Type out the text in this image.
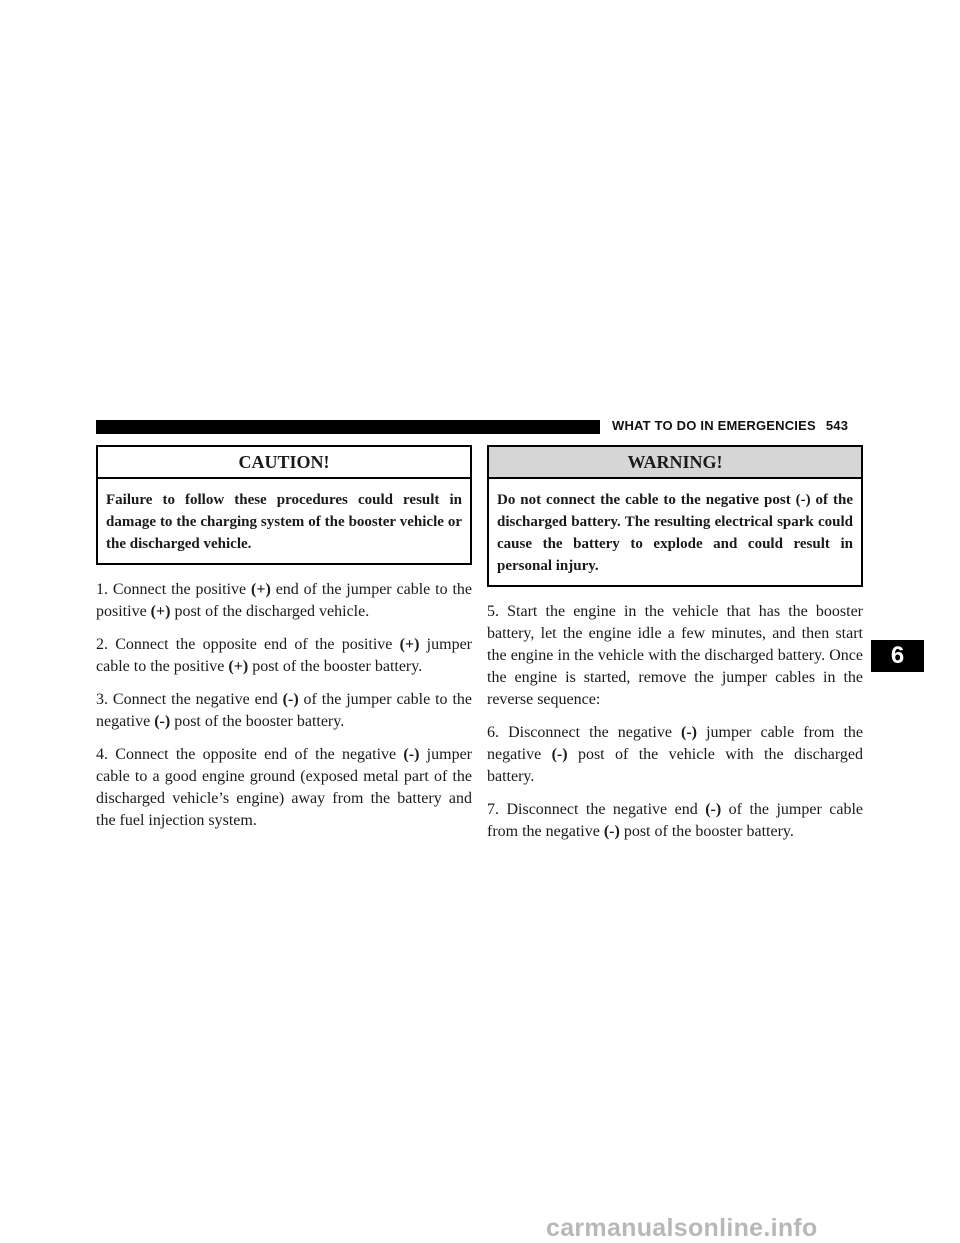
WHAT TO DO IN EMERGENCIES 543
CAUTION!
Failure to follow these procedures could result in damage to the charging system of the booster vehicle or the discharged vehicle.

1. Connect the positive (+) end of the jumper cable to the positive (+) post of the discharged vehicle.

2. Connect the opposite end of the positive (+) jumper cable to the positive (+) post of the booster battery.

3. Connect the negative end (-) of the jumper cable to the negative (-) post of the booster battery.

4. Connect the opposite end of the negative (-) jumper cable to a good engine ground (exposed metal part of the discharged vehicle’s engine) away from the battery and the fuel injection system.

WARNING!
Do not connect the cable to the negative post (-) of the discharged battery. The resulting electrical spark could cause the battery to explode and could result in personal injury.

5. Start the engine in the vehicle that has the booster battery, let the engine idle a few minutes, and then start the engine in the vehicle with the discharged battery. Once the engine is started, remove the jumper cables in the reverse sequence:

6. Disconnect the negative (-) jumper cable from the negative (-) post of the vehicle with the discharged battery.

7. Disconnect the negative end (-) of the jumper cable from the negative (-) post of the booster battery.

6
carmanualsonline.info
